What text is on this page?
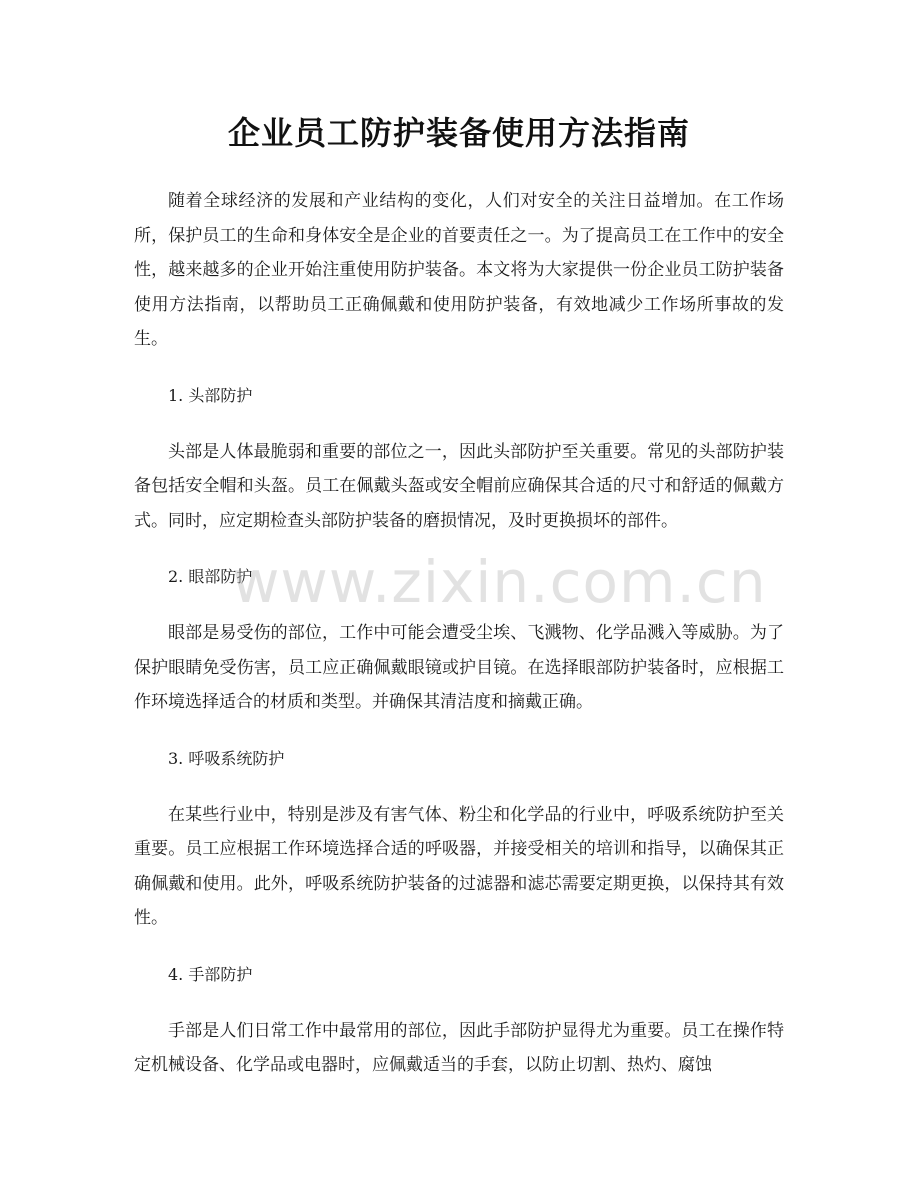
企业员工防护装备使用方法指南

随着全球经济的发展和产业结构的变化，人们对安全的关注日益增加。在工作场所，保护员工的生命和身体安全是企业的首要责任之一。为了提高员工在工作中的安全性，越来越多的企业开始注重使用防护装备。本文将为大家提供一份企业员工防护装备使用方法指南，以帮助员工正确佩戴和使用防护装备，有效地减少工作场所事故的发生。

1. 头部防护

头部是人体最脆弱和重要的部位之一，因此头部防护至关重要。常见的头部防护装备包括安全帽和头盔。员工在佩戴头盔或安全帽前应确保其合适的尺寸和舒适的佩戴方式。同时，应定期检查头部防护装备的磨损情况，及时更换损坏的部件。

2. 眼部防护

眼部是易受伤的部位，工作中可能会遭受尘埃、飞溅物、化学品溅入等威胁。为了保护眼睛免受伤害，员工应正确佩戴眼镜或护目镜。在选择眼部防护装备时，应根据工作环境选择适合的材质和类型。并确保其清洁度和摘戴正确。

3. 呼吸系统防护

在某些行业中，特别是涉及有害气体、粉尘和化学品的行业中，呼吸系统防护至关重要。员工应根据工作环境选择合适的呼吸器，并接受相关的培训和指导，以确保其正确佩戴和使用。此外，呼吸系统防护装备的过滤器和滤芯需要定期更换，以保持其有效性。

4. 手部防护

手部是人们日常工作中最常用的部位，因此手部防护显得尤为重要。员工在操作特定机械设备、化学品或电器时，应佩戴适当的手套，以防止切割、热灼、腐蚀

www.zixin.com.cn
